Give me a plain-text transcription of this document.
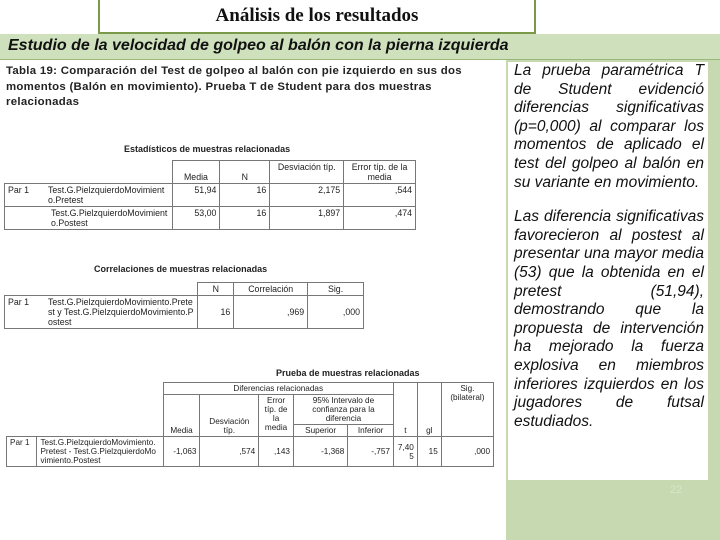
Análisis de los resultados
Estudio de la velocidad de golpeo al balón con la pierna izquierda
Tabla 19: Comparación del Test de golpeo al balón con pie izquierdo en sus dos momentos (Balón en movimiento). Prueba T de Student para dos muestras relacionadas
Estadísticos de muestras relacionadas
	Media	N	Desviación típ.	Error típ. de la media

Par 1 Test.G.PielzquierdoMovimiento.Pretest	51,94	16	2,175	,544
Test.G.PielzquierdoMovimiento.Postest	53,00	16	1,897	,474
Correlaciones de muestras relacionadas
	N	Correlación	Sig.

Par 1 Test.G.PielzquierdoMovimiento.Pretest y Test.G.PielzquierdoMovimiento.Postest	16	,969	,000
Prueba de muestras relacionadas
		Diferencias relacionadas					t	gl	Sig. (bilateral)
		Media	Desviación típ.	Error típ. de la media	95% Intervalo de confianza para la diferencia				
					Superior	Inferior			
Par 1	Test.G.PielzquierdoMovimiento.Pretest - Test.G.PielzquierdoMovimiento.Postest	-1,063	,574	,143	-1,368	-,757	7,405	15	,000

La prueba paramétrica T de Student evidenció diferencias significativas (p=0,000) al comparar los momentos de aplicado el test del golpeo al balón en su variante en movimiento.

Las diferencia significativas favorecieron al postest al presentar una mayor media (53) que la obtenida en el pretest (51,94), demostrando que la propuesta de intervención ha mejorado la fuerza explosiva en miembros inferiores izquierdos en los jugadores de futsal estudiados.

22
